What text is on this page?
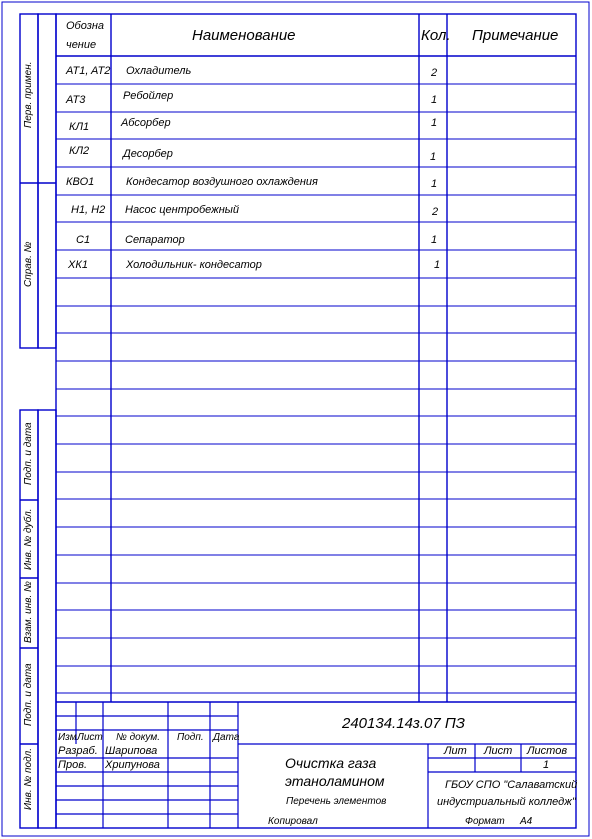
Перв. примен.
Справ. №
Подп. и дата
Инв. № дубл.
Взам. инв. №
Подп. и дата
Инв. № подл.
Обозна
чение
Наименование	Кол. Примечание
AT1, AT2 Охладитель	2
AT3	Ребойлер	1
КЛ1	Абсорбер	1
КЛ2	Десорбер	1
КВО1	Кондесатор воздушного охлаждения	1
Н1, Н2 Насос центробежный	2
С1	Сепаратор	1
ХК1	Холодильник- кондесатор	1
240134.14з.07 ПЗ
Изм Лист № докум. Подп. Дата
Разраб. Шарипова
Пров. Хрипунова	Очистка газа
этаноламином
Перечень элементов
Лит Лист Листов
1
ГБОУ СПО "Салаватский
индустриальный колледж"
Копировал	Формат А4
